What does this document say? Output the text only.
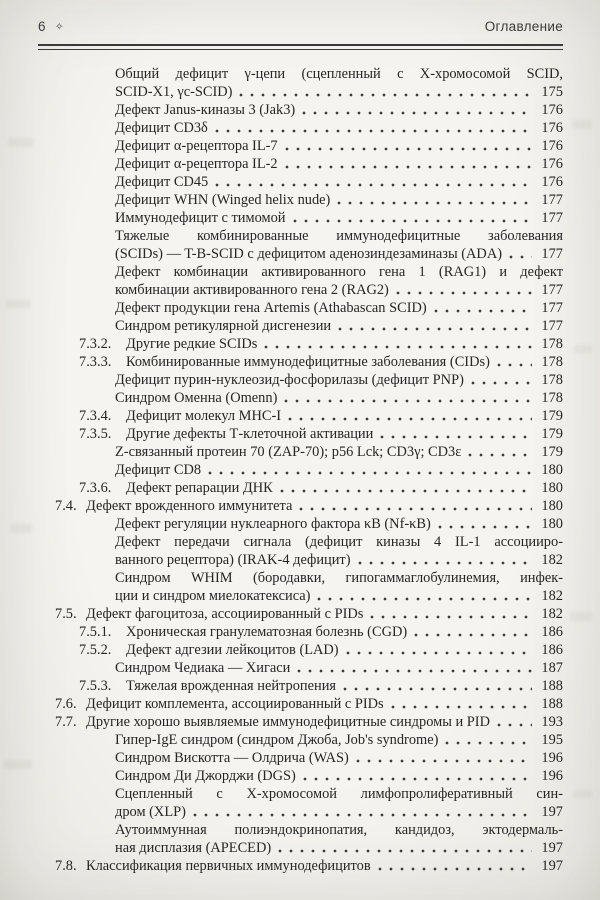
6 ✧	Оглавление
Общий дефицит γ-цепи (сцепленный с Х-хромосомой SCID,
SCID-X1, γc-SCID)	175
Дефект Janus-киназы 3 (Jak3)	176
Дефицит CD3δ	176
Дефицит α-рецептора IL-7	176
Дефицит α-рецептора IL-2	176
Дефицит CD45	176
Дефицит WHN (Winged helix nude)	177
Иммунодефицит с тимомой	177
Тяжелые комбинированные иммунодефицитные заболевания
(SCIDs) — T-B-SCID с дефицитом аденозиндезаминазы (ADA)	177
Дефект комбинации активированного гена 1 (RAG1) и дефект
комбинации активированного гена 2 (RAG2)	177
Дефект продукции гена Artemis (Athabascan SCID)	177
Синдром ретикулярной дисгенезии	177
7.3.2. Другие редкие SCIDs	178
7.3.3. Комбинированные иммунодефицитные заболевания (CIDs)	178
Дефицит пурин-нуклеозид-фосфорилазы (дефицит PNP)	178
Синдром Оменна (Omenn)	178
7.3.4. Дефицит молекул MHC-I	179
7.3.5. Другие дефекты Т-клеточной активации	179
Z-связанный протеин 70 (ZAP-70); p56 Lck; CD3γ; CD3ε	179
Дефицит CD8	180
7.3.6. Дефект репарации ДНК	180
7.4. Дефект врожденного иммунитета	180
Дефект регуляции нуклеарного фактора κB (Nf-κB)	180
Дефект передачи сигнала (дефицит киназы 4 IL-1 ассоцииро-
ванного рецептора) (IRAK-4 дефицит)	182
Синдром WHIM (бородавки, гипогаммаглобулинемия, инфек-
ции и синдром миелокатексиса)	182
7.5. Дефект фагоцитоза, ассоциированный с PIDs	182
7.5.1. Хроническая гранулематозная болезнь (CGD)	186
7.5.2. Дефект адгезии лейкоцитов (LAD)	186
Синдром Чедиака — Хигаси	187
7.5.3. Тяжелая врожденная нейтропения	188
7.6. Дефицит комплемента, ассоциированный с PIDs	188
7.7. Другие хорошо выявляемые иммунодефицитные синдромы и PID	193
Гипер-IgE синдром (синдром Джоба, Job's syndrome)	195
Синдром Вискотта — Олдрича (WAS)	196
Синдром Ди Джорджи (DGS)	196
Сцепленный с Х-хромосомой лимфопролиферативный син-
дром (XLP)	197
Аутоиммунная полиэндокринопатия, кандидоз, эктодермаль-
ная дисплазия (APECED)	197
7.8. Классификация первичных иммунодефицитов	197
